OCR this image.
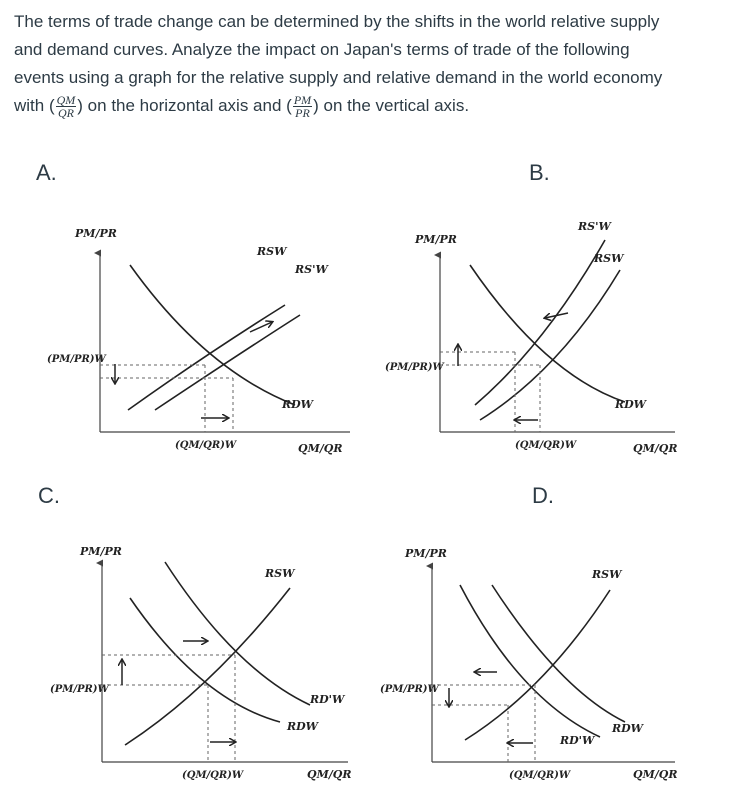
The terms of trade change can be determined by the shifts in the world relative supply
and demand curves. Analyze the impact on Japan's terms of trade of the following
events using a graph for the relative supply and relative demand in the world economy
with ( $\frac{QM}{QR}$ ) on the horizontal axis and ( $\frac{PM}{PR}$ ) on the vertical axis.
A.	B.
C.	D.
PM/PR
QM/QR
(PM/PR)W
(QM/QR)W
RSW
RS'W
RDW
PM/PR
QM/QR
(PM/PR)W
(QM/QR)W
RS'W
RSW
RDW
PM/PR
QM/QR
(PM/PR)W
(QM/QR)W
RSW
RD'W
RDW
PM/PR
QM/QR
(PM/PR)W
(QM/QR)W
RSW
RD'W
RDW
